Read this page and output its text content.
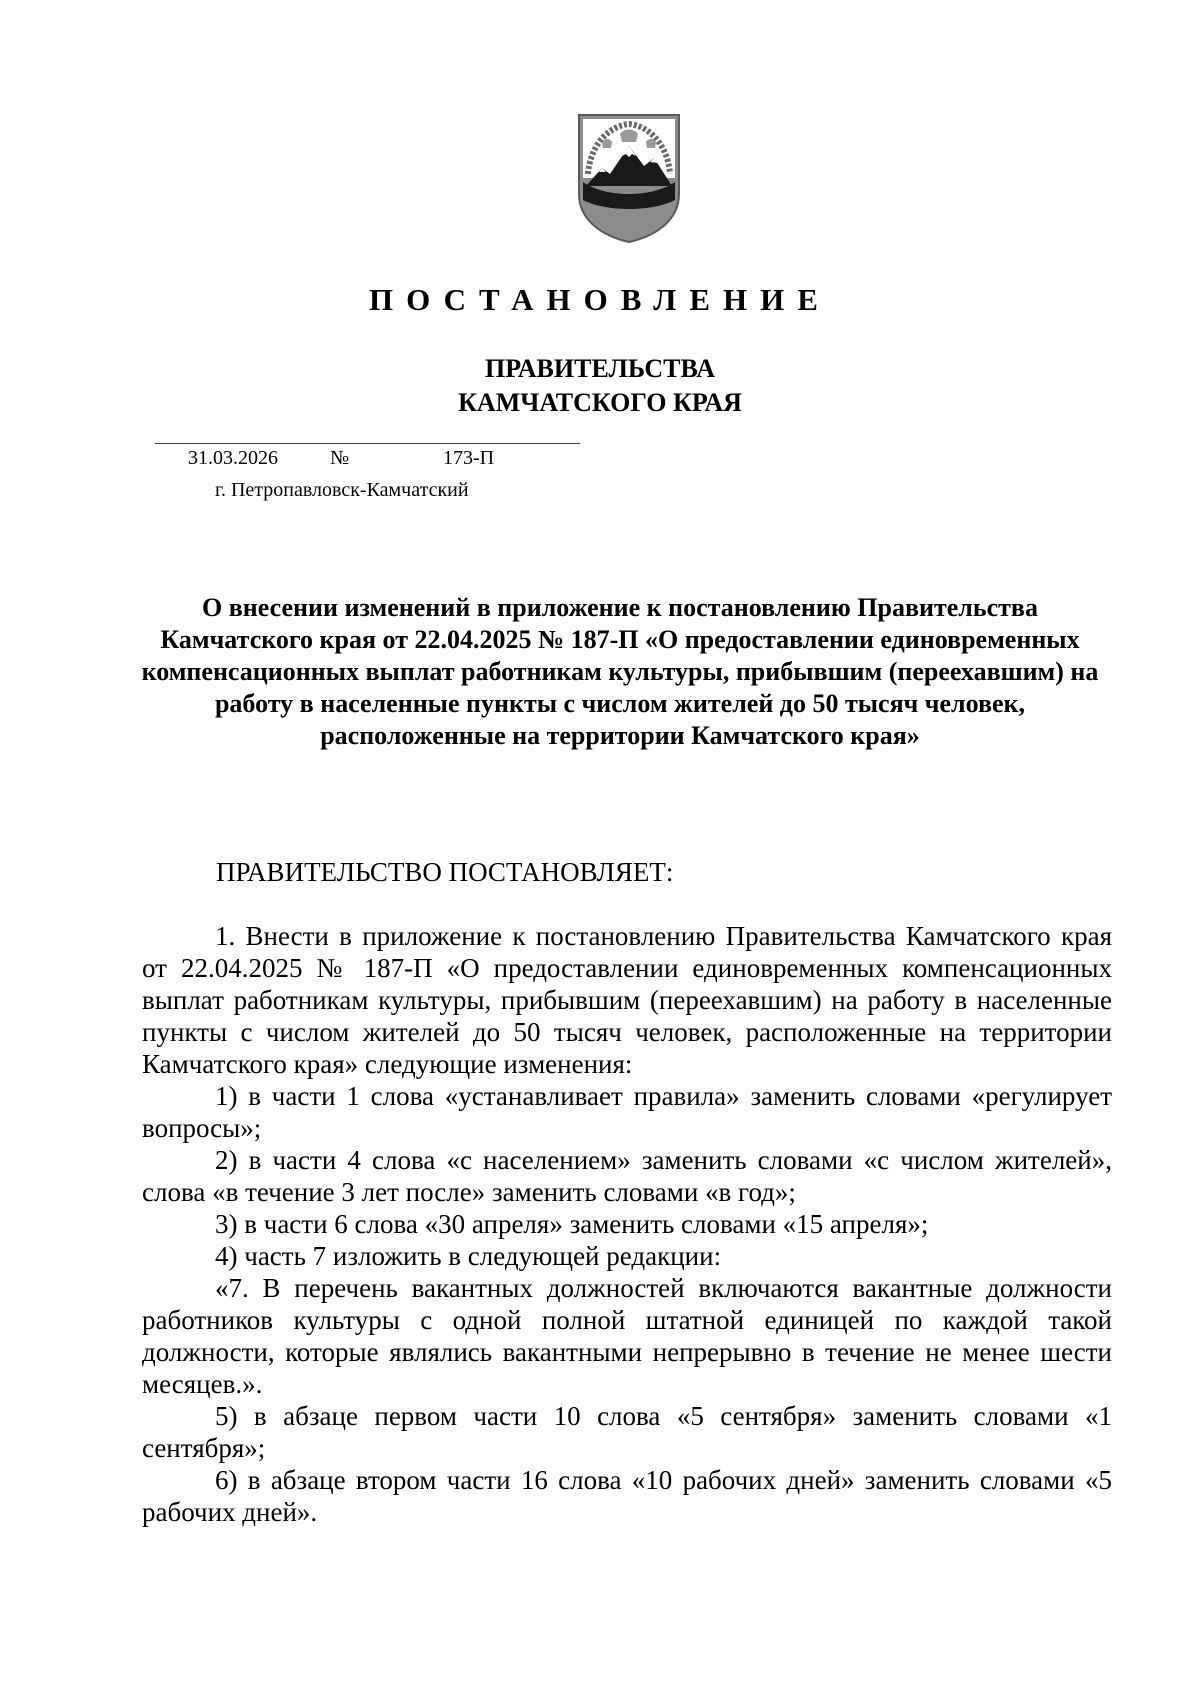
ПОСТАНОВЛЕНИЕ
ПРАВИТЕЛЬСТВА
КАМЧАТСКОГО КРАЯ
31.03.2026	№	173-П
г. Петропавловск-Камчатский
О внесении изменений в приложение к постановлению Правительства Камчатского края от 22.04.2025 № 187-П «О предоставлении единовременных компенсационных выплат работникам культуры, прибывшим (переехавшим) на работу в населенные пункты с числом жителей до 50 тысяч человек, расположенные на территории Камчатского края»
ПРАВИТЕЛЬСТВО ПОСТАНОВЛЯЕТ:

1. Внести в приложение к постановлению Правительства Камчатского края от 22.04.2025 № 187-П «О предоставлении единовременных компенсационных выплат работникам культуры, прибывшим (переехавшим) на работу в населенные пункты с числом жителей до 50 тысяч человек, расположенные на территории Камчатского края» следующие изменения:

1) в части 1 слова «устанавливает правила» заменить словами «регулирует вопросы»;

2) в части 4 слова «с населением» заменить словами «с числом жителей», слова «в течение 3 лет после» заменить словами «в год»;

3) в части 6 слова «30 апреля» заменить словами «15 апреля»;

4) часть 7 изложить в следующей редакции:

«7. В перечень вакантных должностей включаются вакантные должности работников культуры с одной полной штатной единицей по каждой такой должности, которые являлись вакантными непрерывно в течение не менее шести месяцев.».

5) в абзаце первом части 10 слова «5 сентября» заменить словами «1 сентября»;

6) в абзаце втором части 16 слова «10 рабочих дней» заменить словами «5 рабочих дней».
